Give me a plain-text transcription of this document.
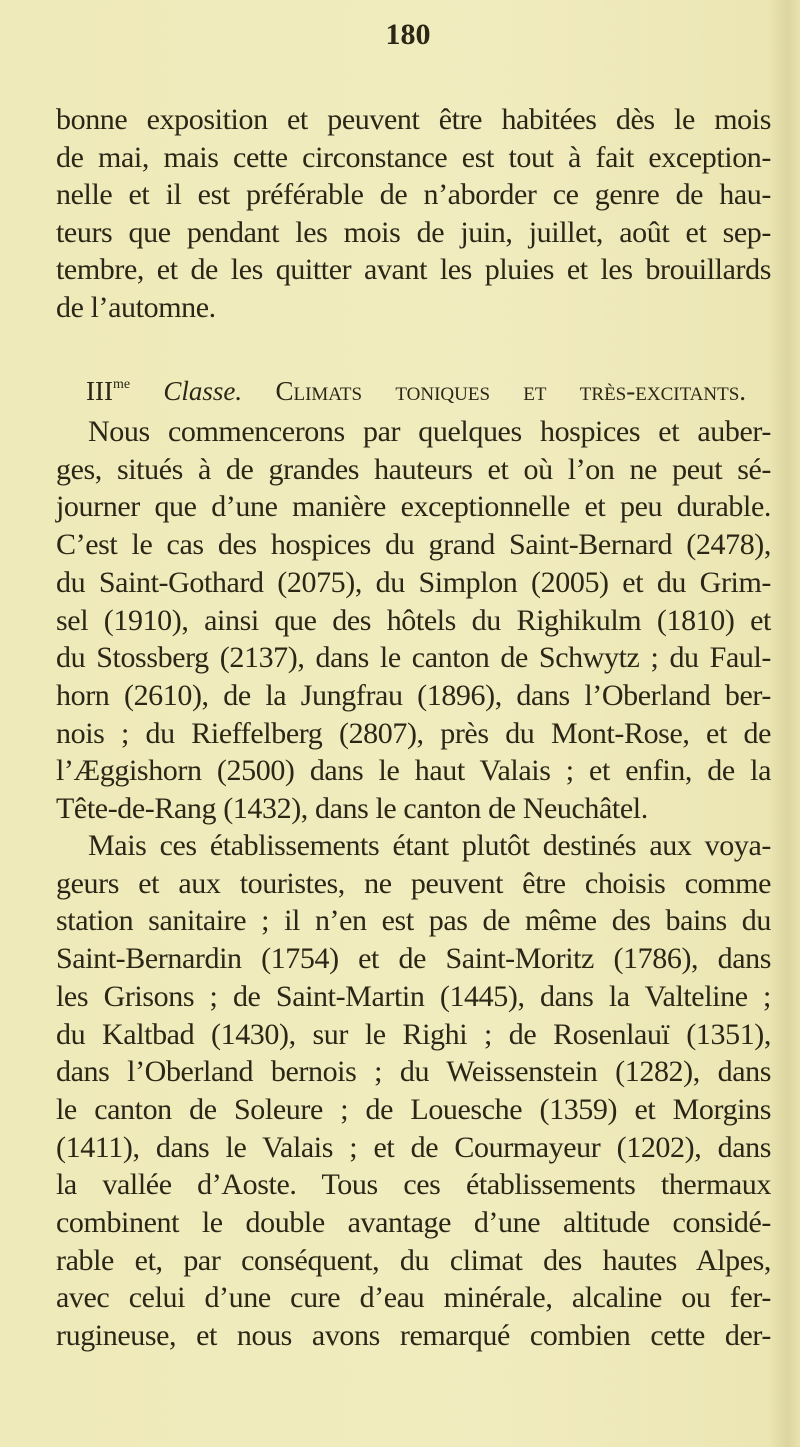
180
bonne exposition et peuvent être habitées dès le mois
de mai, mais cette circonstance est tout à fait exception-
nelle et il est préférable de n’aborder ce genre de hau-
teurs que pendant les mois de juin, juillet, août et sep-
tembre, et de les quitter avant les pluies et les brouillards
de l’automne.
$III^{me}$ Classe. Climats toniques et très-excitants.
Nous commencerons par quelques hospices et auber-
ges, situés à de grandes hauteurs et où l’on ne peut sé-
journer que d’une manière exceptionnelle et peu durable.
C’est le cas des hospices du grand Saint-Bernard (2478),
du Saint-Gothard (2075), du Simplon (2005) et du Grim-
sel (1910), ainsi que des hôtels du Righikulm (1810) et
du Stossberg (2137), dans le canton de Schwytz ; du Faul-
horn (2610), de la Jungfrau (1896), dans l’Oberland ber-
nois ; du Rieffelberg (2807), près du Mont-Rose, et de
l’Æggishorn (2500) dans le haut Valais ; et enfin, de la
Tête-de-Rang (1432), dans le canton de Neuchâtel.
Mais ces établissements étant plutôt destinés aux voya-
geurs et aux touristes, ne peuvent être choisis comme
station sanitaire ; il n’en est pas de même des bains du
Saint-Bernardin (1754) et de Saint-Moritz (1786), dans
les Grisons ; de Saint-Martin (1445), dans la Valteline ;
du Kaltbad (1430), sur le Righi ; de Rosenlauï (1351),
dans l’Oberland bernois ; du Weissenstein (1282), dans
le canton de Soleure ; de Louesche (1359) et Morgins
(1411), dans le Valais ; et de Courmayeur (1202), dans
la vallée d’Aoste. Tous ces établissements thermaux
combinent le double avantage d’une altitude considé-
rable et, par conséquent, du climat des hautes Alpes,
avec celui d’une cure d’eau minérale, alcaline ou fer-
rugineuse, et nous avons remarqué combien cette der-
